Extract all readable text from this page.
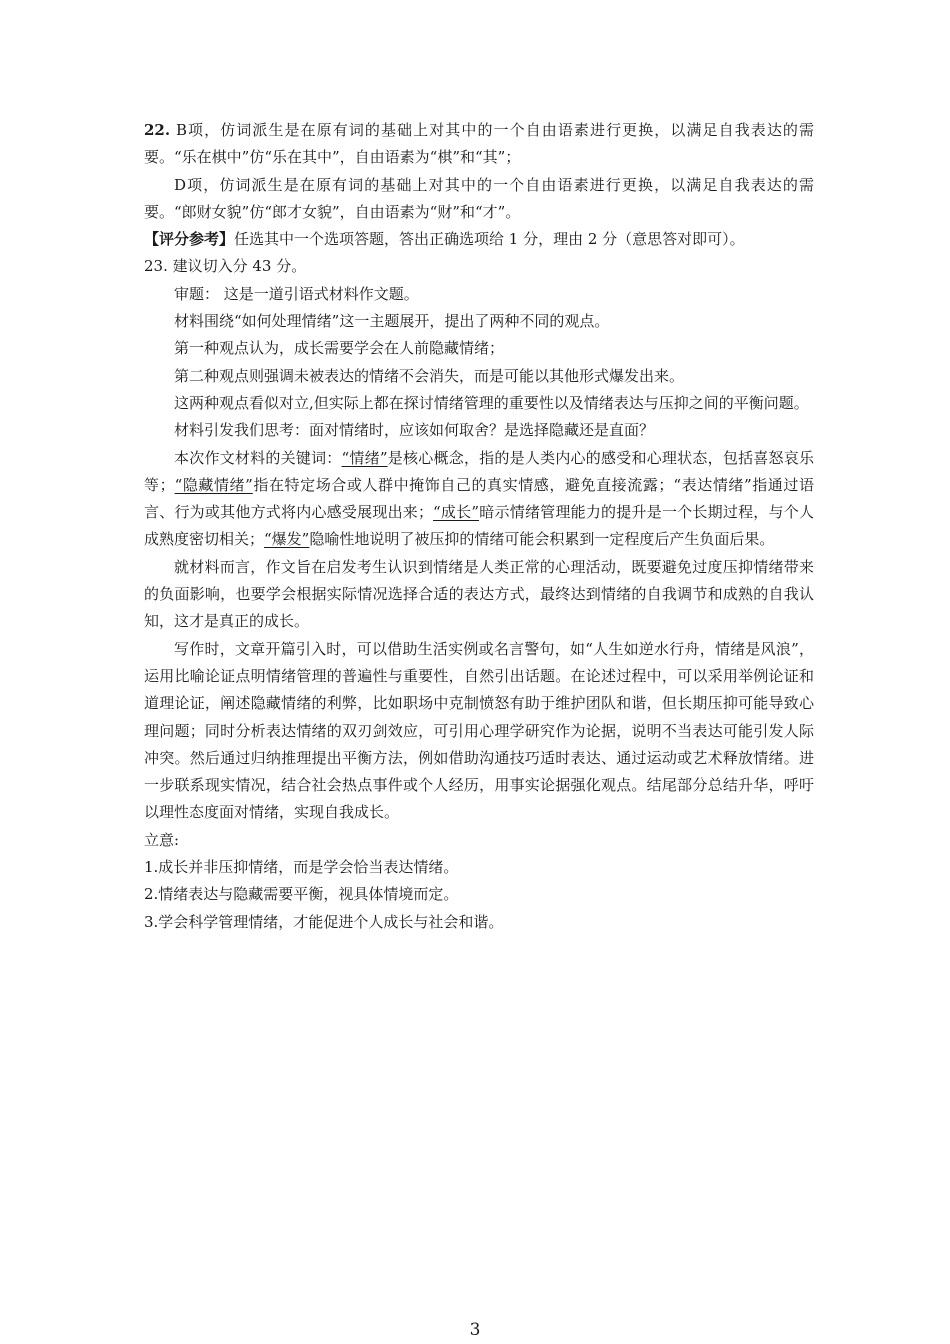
22. B项，仿词派生是在原有词的基础上对其中的一个自由语素进行更换，以满足自我表达的需要。“乐在棋中”仿“乐在其中”，自由语素为“棋”和“其”；

D项，仿词派生是在原有词的基础上对其中的一个自由语素进行更换，以满足自我表达的需要。“郎财女貌”仿“郎才女貌”，自由语素为“财”和“才”。

【评分参考】任选其中一个选项答题，答出正确选项给 1 分，理由 2 分（意思答对即可）。

23. 建议切入分 43 分。

审题： 这是一道引语式材料作文题。

材料围绕“如何处理情绪”这一主题展开，提出了两种不同的观点。

第一种观点认为，成长需要学会在人前隐藏情绪；

第二种观点则强调未被表达的情绪不会消失，而是可能以其他形式爆发出来。

这两种观点看似对立,但实际上都在探讨情绪管理的重要性以及情绪表达与压抑之间的平衡问题。

材料引发我们思考：面对情绪时，应该如何取舍？是选择隐藏还是直面？

本次作文材料的关键词：“情绪”是核心概念，指的是人类内心的感受和心理状态，包括喜怒哀乐等；“隐藏情绪”指在特定场合或人群中掩饰自己的真实情感，避免直接流露；“表达情绪”指通过语言、行为或其他方式将内心感受展现出来；“成长”暗示情绪管理能力的提升是一个长期过程，与个人成熟度密切相关；“爆发”隐喻性地说明了被压抑的情绪可能会积累到一定程度后产生负面后果。

就材料而言，作文旨在启发考生认识到情绪是人类正常的心理活动，既要避免过度压抑情绪带来的负面影响，也要学会根据实际情况选择合适的表达方式，最终达到情绪的自我调节和成熟的自我认知，这才是真正的成长。

写作时，文章开篇引入时，可以借助生活实例或名言警句，如“人生如逆水行舟，情绪是风浪”，运用比喻论证点明情绪管理的普遍性与重要性，自然引出话题。在论述过程中，可以采用举例论证和道理论证，阐述隐藏情绪的利弊，比如职场中克制愤怒有助于维护团队和谐，但长期压抑可能导致心理问题；同时分析表达情绪的双刃剑效应，可引用心理学研究作为论据，说明不当表达可能引发人际冲突。然后通过归纳推理提出平衡方法，例如借助沟通技巧适时表达、通过运动或艺术释放情绪。进一步联系现实情况，结合社会热点事件或个人经历，用事实论据强化观点。结尾部分总结升华，呼吁以理性态度面对情绪，实现自我成长。

立意:

1.成长并非压抑情绪，而是学会恰当表达情绪。

2.情绪表达与隐藏需要平衡，视具体情境而定。

3.学会科学管理情绪，才能促进个人成长与社会和谐。

3
